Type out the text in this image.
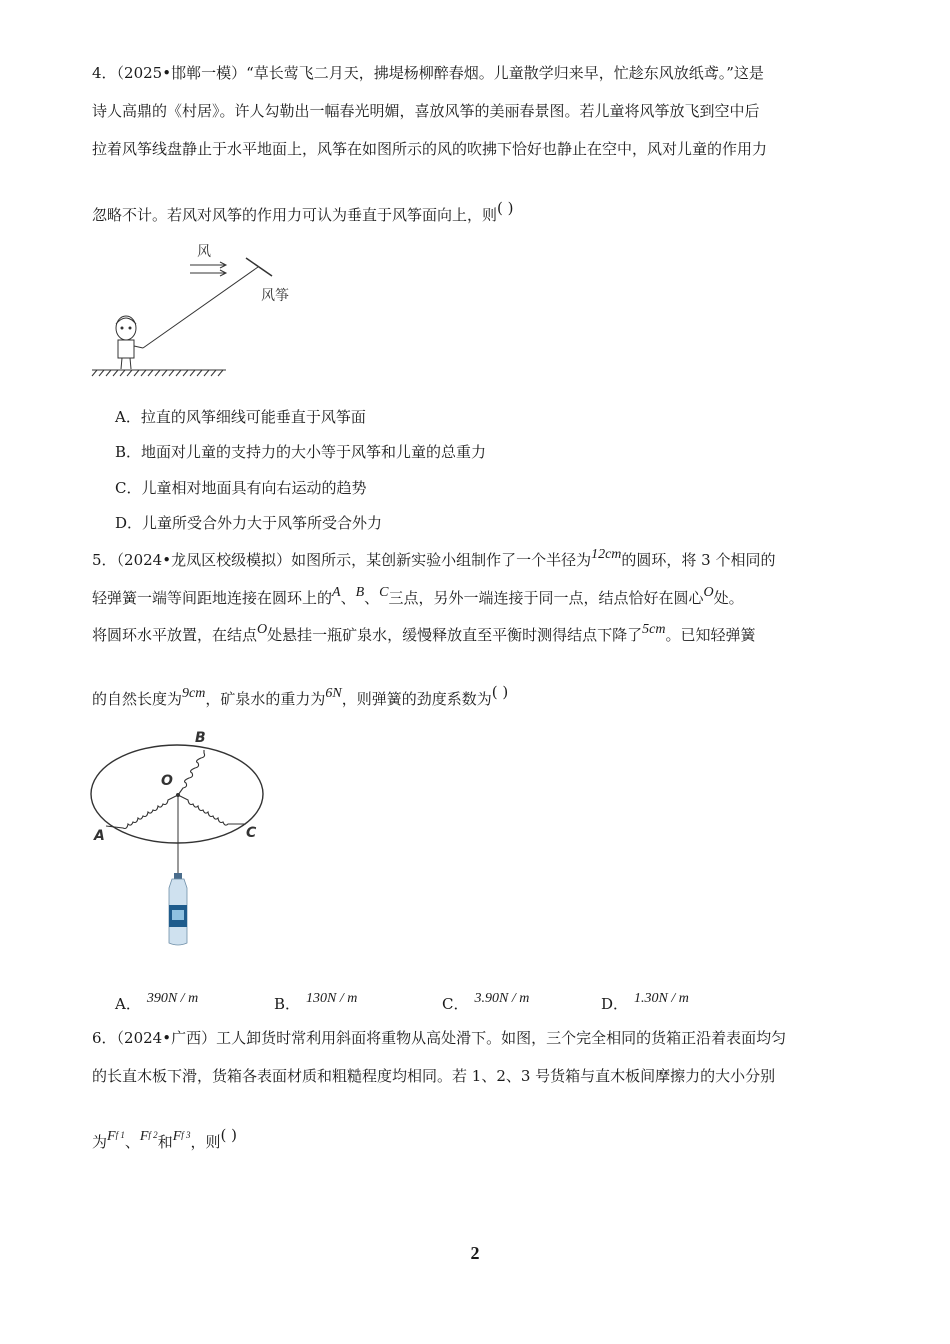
4．（2025•邯郸一模）“草长莺飞二月天，拂堤杨柳醉春烟。儿童散学归来早，忙趁东风放纸鸢。”这是
诗人高鼎的《村居》。许人勾勒出一幅春光明媚，喜放风筝的美丽春景图。若儿童将风筝放飞到空中后
拉着风筝线盘静止于水平地面上，风筝在如图所示的风的吹拂下恰好也静止在空中，风对儿童的作用力
忽略不计。若风对风筝的作用力可认为垂直于风筝面向上，则( )
风
风筝
A．拉直的风筝细线可能垂直于风筝面
B．地面对儿童的支持力的大小等于风筝和儿童的总重力
C．儿童相对地面具有向右运动的趋势
D．儿童所受合外力大于风筝所受合外力
5．（2024•龙凤区校级模拟）如图所示，某创新实验小组制作了一个半径为12cm的圆环，将 3 个相同的
轻弹簧一端等间距地连接在圆环上的A、B、C三点，另外一端连接于同一点，结点恰好在圆心O处。
将圆环水平放置，在结点O处悬挂一瓶矿泉水，缓慢释放直至平衡时测得结点下降了5cm。已知轻弹簧
的自然长度为9cm，矿泉水的重力为6N，则弹簧的劲度系数为( )
B
O
A	C
A． 390N / m	B． 130N / m	C． 3.90N / m	D． 1.30N / m
6．（2024•广西）工人卸货时常利用斜面将重物从高处滑下。如图，三个完全相同的货箱正沿着表面均匀
的长直木板下滑，货箱各表面材质和粗糙程度均相同。若 1、2、3 号货箱与直木板间摩擦力的大小分别
为Ff 1、Ff 2和Ff 3，则( )
2
